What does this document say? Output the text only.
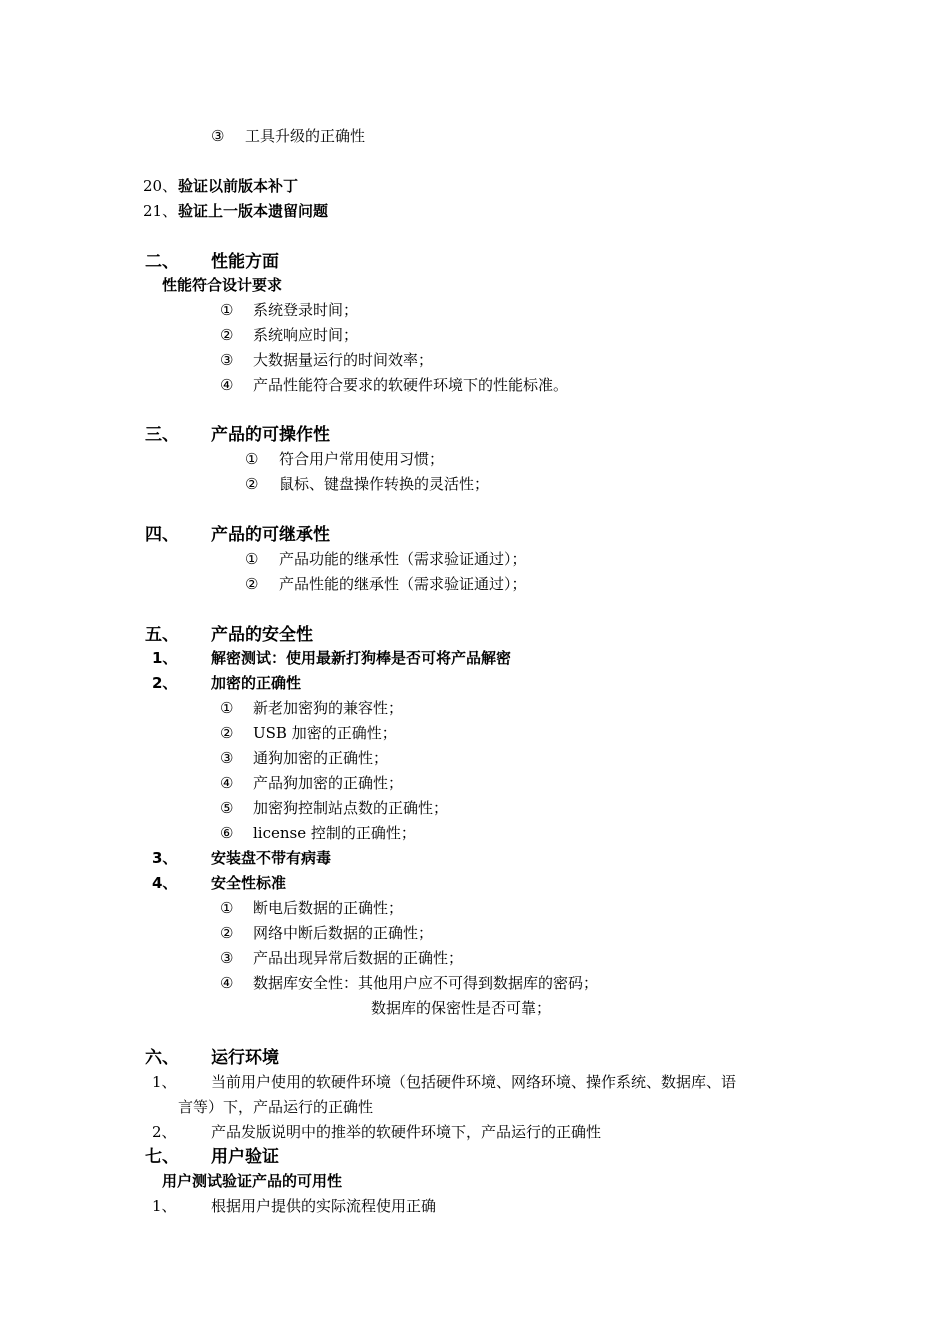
③ 工具升级的正确性
20、 验证以前版本补丁
21、 验证上一版本遗留问题
二、 性能方面
性能符合设计要求
① 系统登录时间；
② 系统响应时间；
③ 大数据量运行的时间效率；
④ 产品性能符合要求的软硬件环境下的性能标准。
三、 产品的可操作性
① 符合用户常用使用习惯；
② 鼠标、键盘操作转换的灵活性；
四、 产品的可继承性
① 产品功能的继承性（需求验证通过）；
② 产品性能的继承性（需求验证通过）；
五、 产品的安全性
1、 解密测试：使用最新打狗棒是否可将产品解密
2、 加密的正确性
① 新老加密狗的兼容性；
② USB 加密的正确性；
③ 通狗加密的正确性；
④ 产品狗加密的正确性；
⑤ 加密狗控制站点数的正确性；
⑥ license 控制的正确性；
3、 安装盘不带有病毒
4、 安全性标准
① 断电后数据的正确性；
② 网络中断后数据的正确性；
③ 产品出现异常后数据的正确性；
④ 数据库安全性：其他用户应不可得到数据库的密码；
数据库的保密性是否可靠；
六、 运行环境
1、 当前用户使用的软硬件环境（包括硬件环境、网络环境、操作系统、数据库、语
言等）下，产品运行的正确性
2、 产品发版说明中的推举的软硬件环境下，产品运行的正确性
七、 用户验证
用户测试验证产品的可用性
1、 根据用户提供的实际流程使用正确
